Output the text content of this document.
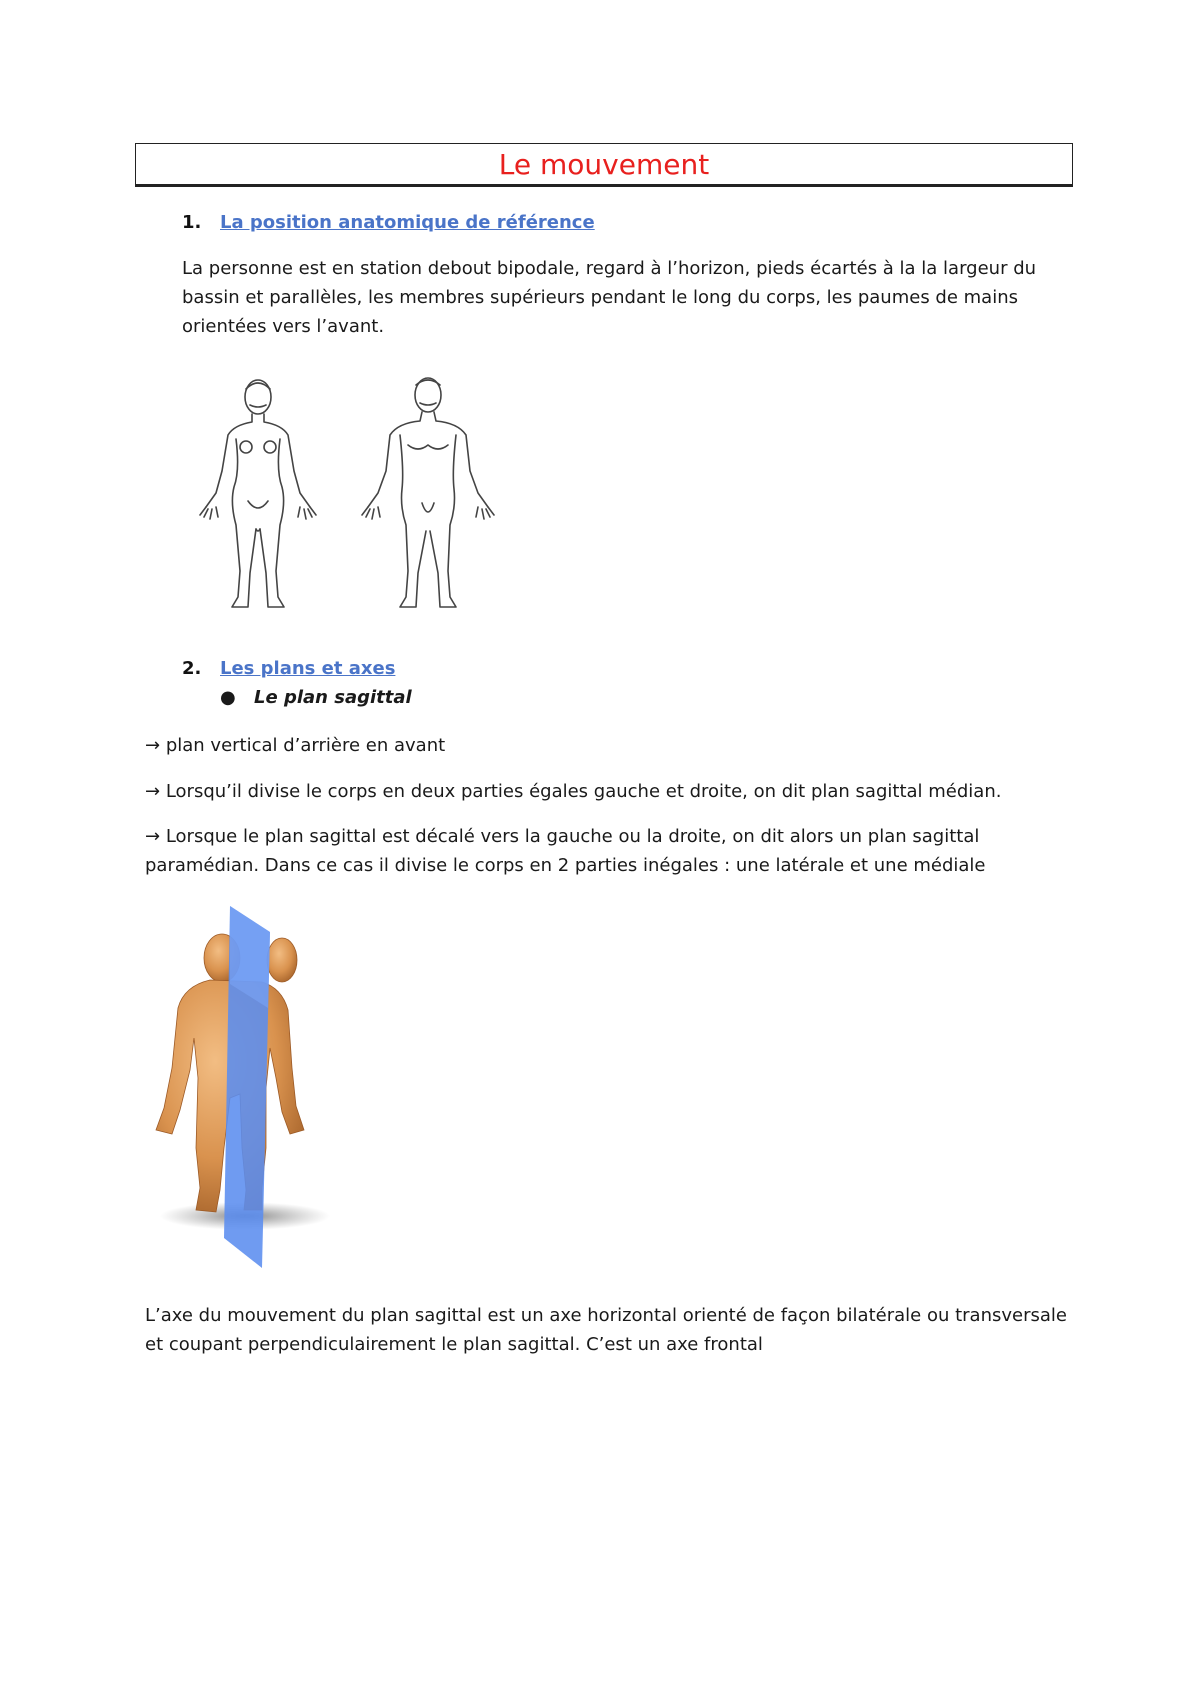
Le mouvement
1. La position anatomique de référence
La personne est en station debout bipodale, regard à l’horizon, pieds écartés à la la largeur du
bassin et parallèles, les membres supérieurs pendant le long du corps, les paumes de mains
orientées vers l’avant.
2. Les plans et axes
● Le plan sagittal
→ plan vertical d’arrière en avant
→ Lorsqu’il divise le corps en deux parties égales gauche et droite, on dit plan sagittal médian.
→ Lorsque le plan sagittal est décalé vers la gauche ou la droite, on dit alors un plan sagittal
paramédian. Dans ce cas il divise le corps en 2 parties inégales : une latérale et une médiale
L’axe du mouvement du plan sagittal est un axe horizontal orienté de façon bilatérale ou transversale
et coupant perpendiculairement le plan sagittal. C’est un axe frontal
